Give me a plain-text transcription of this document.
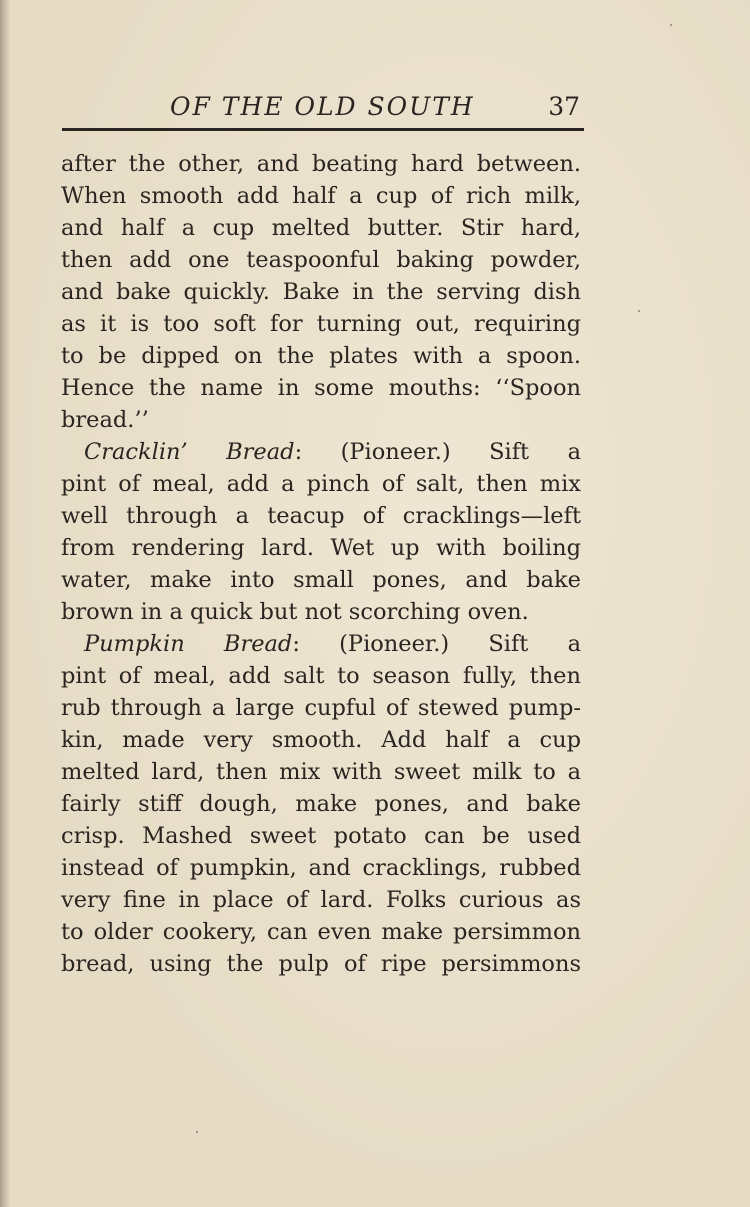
OF THE OLD SOUTH	37
after the other, and beating hard between.
When smooth add half a cup of rich milk,
and half a cup melted butter. Stir hard,
then add one teaspoonful baking powder,
and bake quickly. Bake in the serving dish
as it is too soft for turning out, requiring
to be dipped on the plates with a spoon.
Hence the name in some mouths: ‘‘Spoon
bread.’’
Cracklin’ Bread: (Pioneer.) Sift a
pint of meal, add a pinch of salt, then mix
well through a teacup of cracklings—left
from rendering lard. Wet up with boiling
water, make into small pones, and bake
brown in a quick but not scorching oven.
Pumpkin Bread: (Pioneer.) Sift a
pint of meal, add salt to season fully, then
rub through a large cupful of stewed pump-
kin, made very smooth. Add half a cup
melted lard, then mix with sweet milk to a
fairly stiff dough, make pones, and bake
crisp. Mashed sweet potato can be used
instead of pumpkin, and cracklings, rubbed
very fine in place of lard. Folks curious as
to older cookery, can even make persimmon
bread, using the pulp of ripe persimmons
